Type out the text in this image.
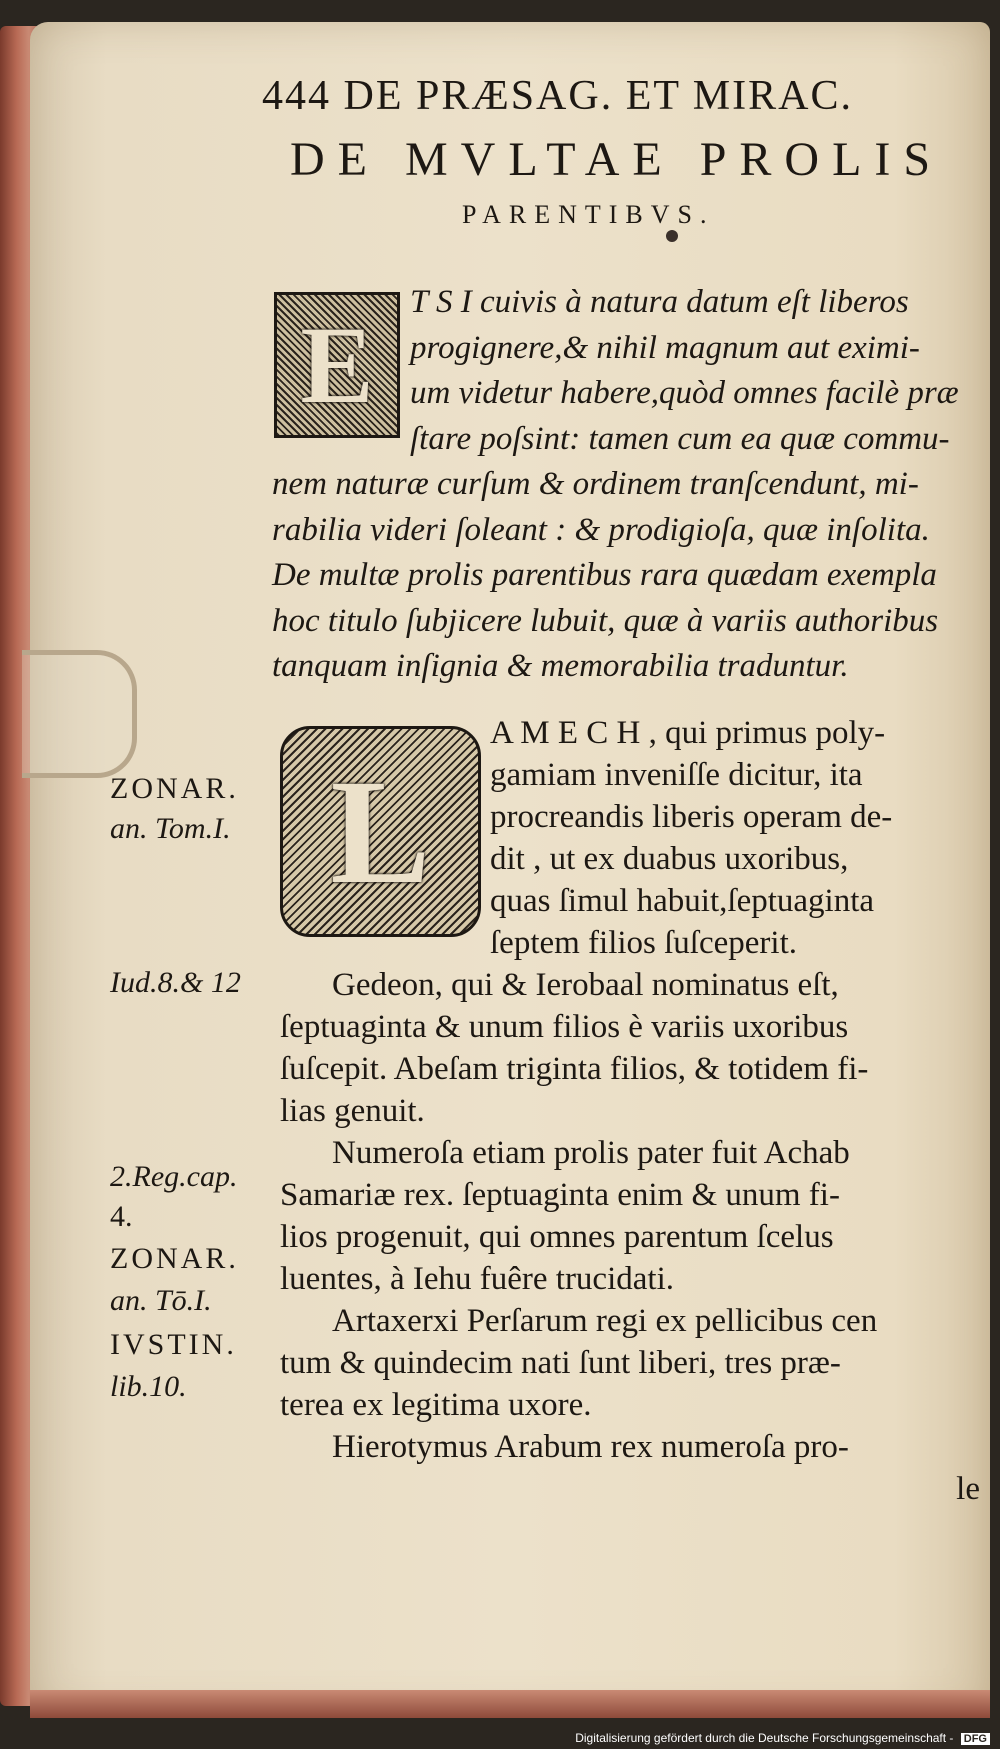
444 DE PRÆSAG. ET MIRAC.
DE MVLTAE PROLIS
PARENTIBVS.
E
T S I cuivis à natura datum eſt liberos
progignere,& nihil magnum aut eximi-
um videtur habere,quòd omnes facilè præ
ſtare poſsint: tamen cum ea quæ commu-
nem naturæ curſum & ordinem tranſcendunt, mi-
rabilia videri ſoleant : & prodigioſa, quæ inſolita.
De multæ prolis parentibus rara quædam exempla
hoc titulo ſubjicere lubuit, quæ à variis authoribus
tanquam inſignia & memorabilia traduntur.
L
A M E C H , qui primus poly-
gamiam inveniſſe dicitur, ita
procreandis liberis operam de-
dit , ut ex duabus uxoribus,
quas ſimul habuit,ſeptuaginta
ſeptem filios ſuſceperit.
Gedeon, qui & Ierobaal nominatus eſt,
ſeptuaginta & unum filios è variis uxoribus
ſuſcepit. Abeſam triginta filios, & totidem fi-
lias genuit.
Numeroſa etiam prolis pater fuit Achab
Samariæ rex. ſeptuaginta enim & unum fi-
lios progenuit, qui omnes parentum ſcelus
luentes, à Iehu fuêre trucidati.
Artaxerxi Perſarum regi ex pellicibus cen
tum & quindecim nati ſunt liberi, tres præ-
terea ex legitima uxore.
Hierotymus Arabum rex numeroſa pro-
le
ZONAR.
an. Tom.I.
Iud.8.& 12
2.Reg.cap.
4.
ZONAR.
an. Tō.I.
IVSTIN.
lib.10.
Digitalisierung gefördert durch die Deutsche Forschungsgemeinschaft - DFG
